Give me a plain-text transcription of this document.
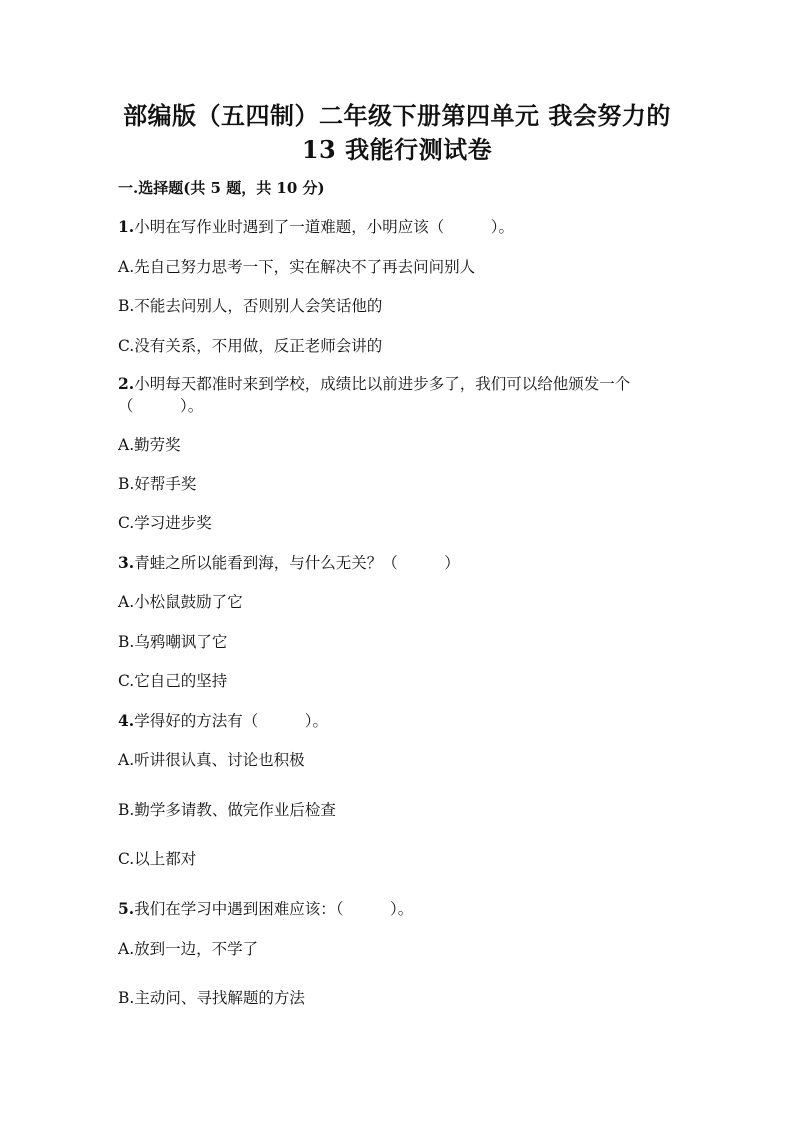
部编版（五四制）二年级下册第四单元 我会努力的
13 我能行测试卷
一.选择题(共 5 题，共 10 分)
1.小明在写作业时遇到了一道难题，小明应该（　　　）。
A.先自己努力思考一下，实在解决不了再去问问别人
B.不能去问别人，否则别人会笑话他的
C.没有关系，不用做，反正老师会讲的
2.小明每天都准时来到学校，成绩比以前进步多了，我们可以给他颁发一个
（　　　）。
A.勤劳奖
B.好帮手奖
C.学习进步奖
3.青蛙之所以能看到海，与什么无关？（　　　）
A.小松鼠鼓励了它
B.乌鸦嘲讽了它
C.它自己的坚持
4.学得好的方法有（　　　）。
A.听讲很认真、讨论也积极
B.勤学多请教、做完作业后检查
C.以上都对
5.我们在学习中遇到困难应该：（　　　）。
A.放到一边，不学了
B.主动问、寻找解题的方法
